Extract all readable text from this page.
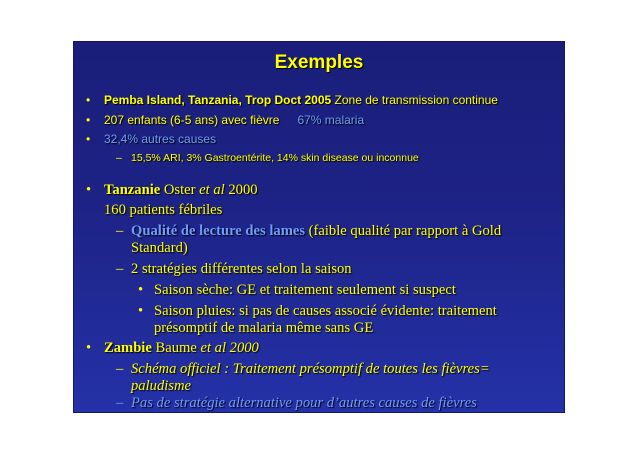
Exemples
• Pemba Island, Tanzania, Trop Doct 2005 Zone de transmission continue
• 207 enfants (6-5 ans) avec fièvre 67% malaria
• 32,4% autres causes
– 15,5% ARI, 3% Gastroentérite, 14% skin disease ou inconnue
• Tanzanie Oster et al 2000
160 patients fébriles
– Qualité de lecture des lames (faible qualité par rapport à Gold
Standard)
– 2 stratégies différentes selon la saison
• Saison sèche: GE et traitement seulement si suspect
• Saison pluies: si pas de causes associé évidente: traitement
présomptif de malaria même sans GE
• Zambie Baume et al 2000
– Schéma officiel : Traitement présomptif de toutes les fièvres=
paludisme
– Pas de stratégie alternative pour d’autres causes de fièvres
